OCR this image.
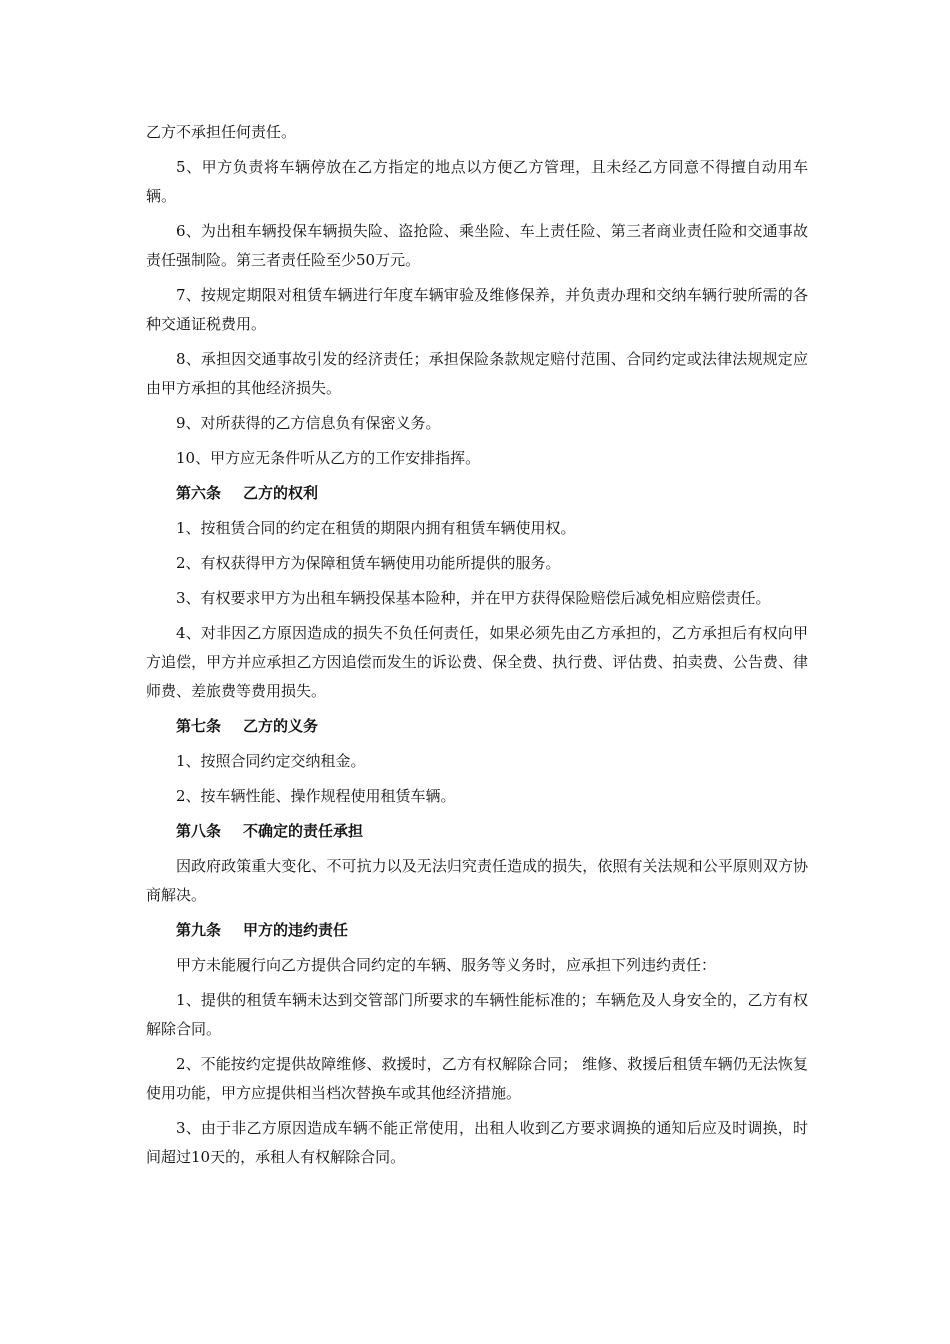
乙方不承担任何责任。

5、甲方负责将车辆停放在乙方指定的地点以方便乙方管理，且未经乙方同意不得擅自动用车辆。

6、为出租车辆投保车辆损失险、盗抢险、乘坐险、车上责任险、第三者商业责任险和交通事故责任强制险。第三者责任险至少50万元。

7、按规定期限对租赁车辆进行年度车辆审验及维修保养，并负责办理和交纳车辆行驶所需的各种交通证税费用。

8、承担因交通事故引发的经济责任；承担保险条款规定赔付范围、合同约定或法律法规规定应由甲方承担的其他经济损失。

9、对所获得的乙方信息负有保密义务。

10、甲方应无条件听从乙方的工作安排指挥。

第六条 乙方的权利

1、按租赁合同的约定在租赁的期限内拥有租赁车辆使用权。

2、有权获得甲方为保障租赁车辆使用功能所提供的服务。

3、有权要求甲方为出租车辆投保基本险种，并在甲方获得保险赔偿后减免相应赔偿责任。

4、对非因乙方原因造成的损失不负任何责任，如果必须先由乙方承担的，乙方承担后有权向甲方追偿，甲方并应承担乙方因追偿而发生的诉讼费、保全费、执行费、评估费、拍卖费、公告费、律师费、差旅费等费用损失。

第七条 乙方的义务

1、按照合同约定交纳租金。

2、按车辆性能、操作规程使用租赁车辆。

第八条 不确定的责任承担

因政府政策重大变化、不可抗力以及无法归究责任造成的损失，依照有关法规和公平原则双方协商解决。

第九条 甲方的违约责任

甲方未能履行向乙方提供合同约定的车辆、服务等义务时，应承担下列违约责任：

1、提供的租赁车辆未达到交管部门所要求的车辆性能标准的；车辆危及人身安全的，乙方有权解除合同。

2、不能按约定提供故障维修、救援时，乙方有权解除合同； 维修、救援后租赁车辆仍无法恢复使用功能，甲方应提供相当档次替换车或其他经济措施。

3、由于非乙方原因造成车辆不能正常使用，出租人收到乙方要求调换的通知后应及时调换，时间超过10天的，承租人有权解除合同。
